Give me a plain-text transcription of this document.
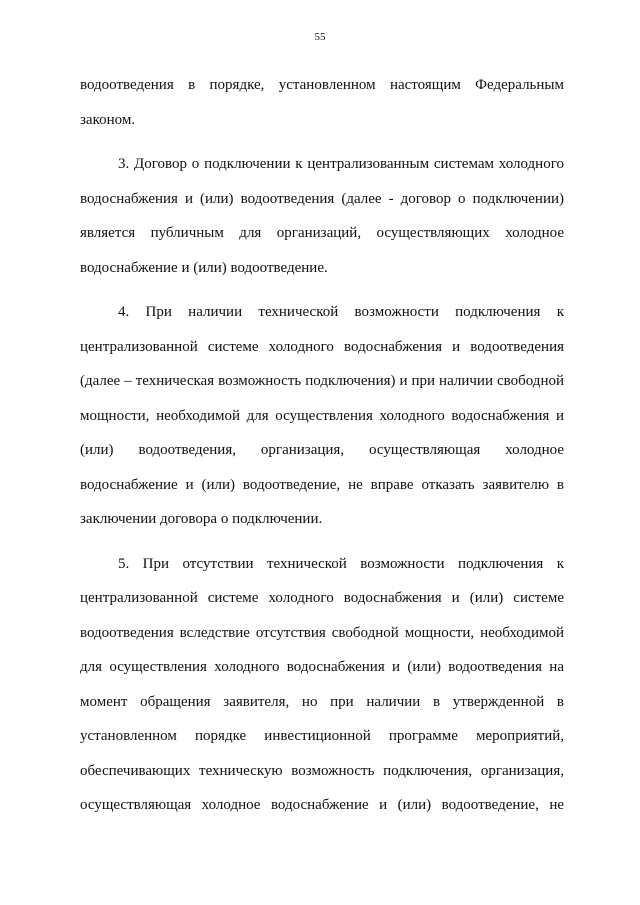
55
водоотведения в порядке, установленном настоящим Федеральным
законом.
3. Договор о подключении к централизованным системам холодного
водоснабжения и (или) водоотведения (далее - договор о подключении)
является публичным для организаций, осуществляющих холодное
водоснабжение и (или) водоотведение.
4. При наличии технической возможности подключения к
централизованной системе холодного водоснабжения и водоотведения
(далее – техническая возможность подключения) и при наличии свободной
мощности, необходимой для осуществления холодного водоснабжения и
(или) водоотведения, организация, осуществляющая холодное
водоснабжение и (или) водоотведение, не вправе отказать заявителю в
заключении договора о подключении.
5. При отсутствии технической возможности подключения к
централизованной системе холодного водоснабжения и (или) системе
водоотведения вследствие отсутствия свободной мощности, необходимой
для осуществления холодного водоснабжения и (или) водоотведения на
момент обращения заявителя, но при наличии в утвержденной в
установленном порядке инвестиционной программе мероприятий,
обеспечивающих техническую возможность подключения, организация,
осуществляющая холодное водоснабжение и (или) водоотведение, не
